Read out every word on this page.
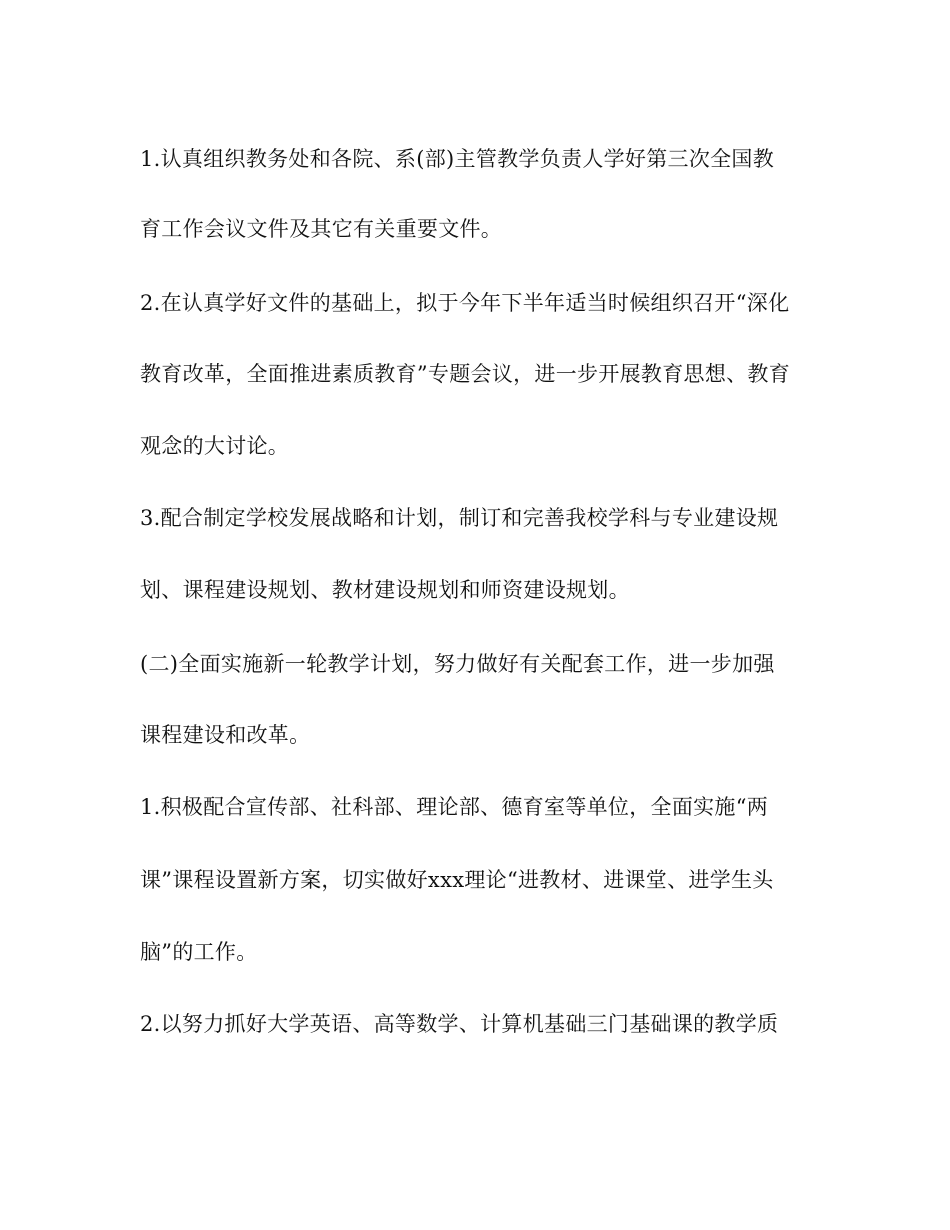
1.认真组织教务处和各院、系(部)主管教学负责人学好第三次全国教
育工作会议文件及其它有关重要文件。
2.在认真学好文件的基础上，拟于今年下半年适当时候组织召开“深化
教育改革，全面推进素质教育”专题会议，进一步开展教育思想、教育
观念的大讨论。
3.配合制定学校发展战略和计划，制订和完善我校学科与专业建设规
划、课程建设规划、教材建设规划和师资建设规划。
(二)全面实施新一轮教学计划，努力做好有关配套工作，进一步加强
课程建设和改革。
1.积极配合宣传部、社科部、理论部、德育室等单位，全面实施“两
课”课程设置新方案，切实做好xxx理论“进教材、进课堂、进学生头
脑”的工作。
2.以努力抓好大学英语、高等数学、计算机基础三门基础课的教学质
